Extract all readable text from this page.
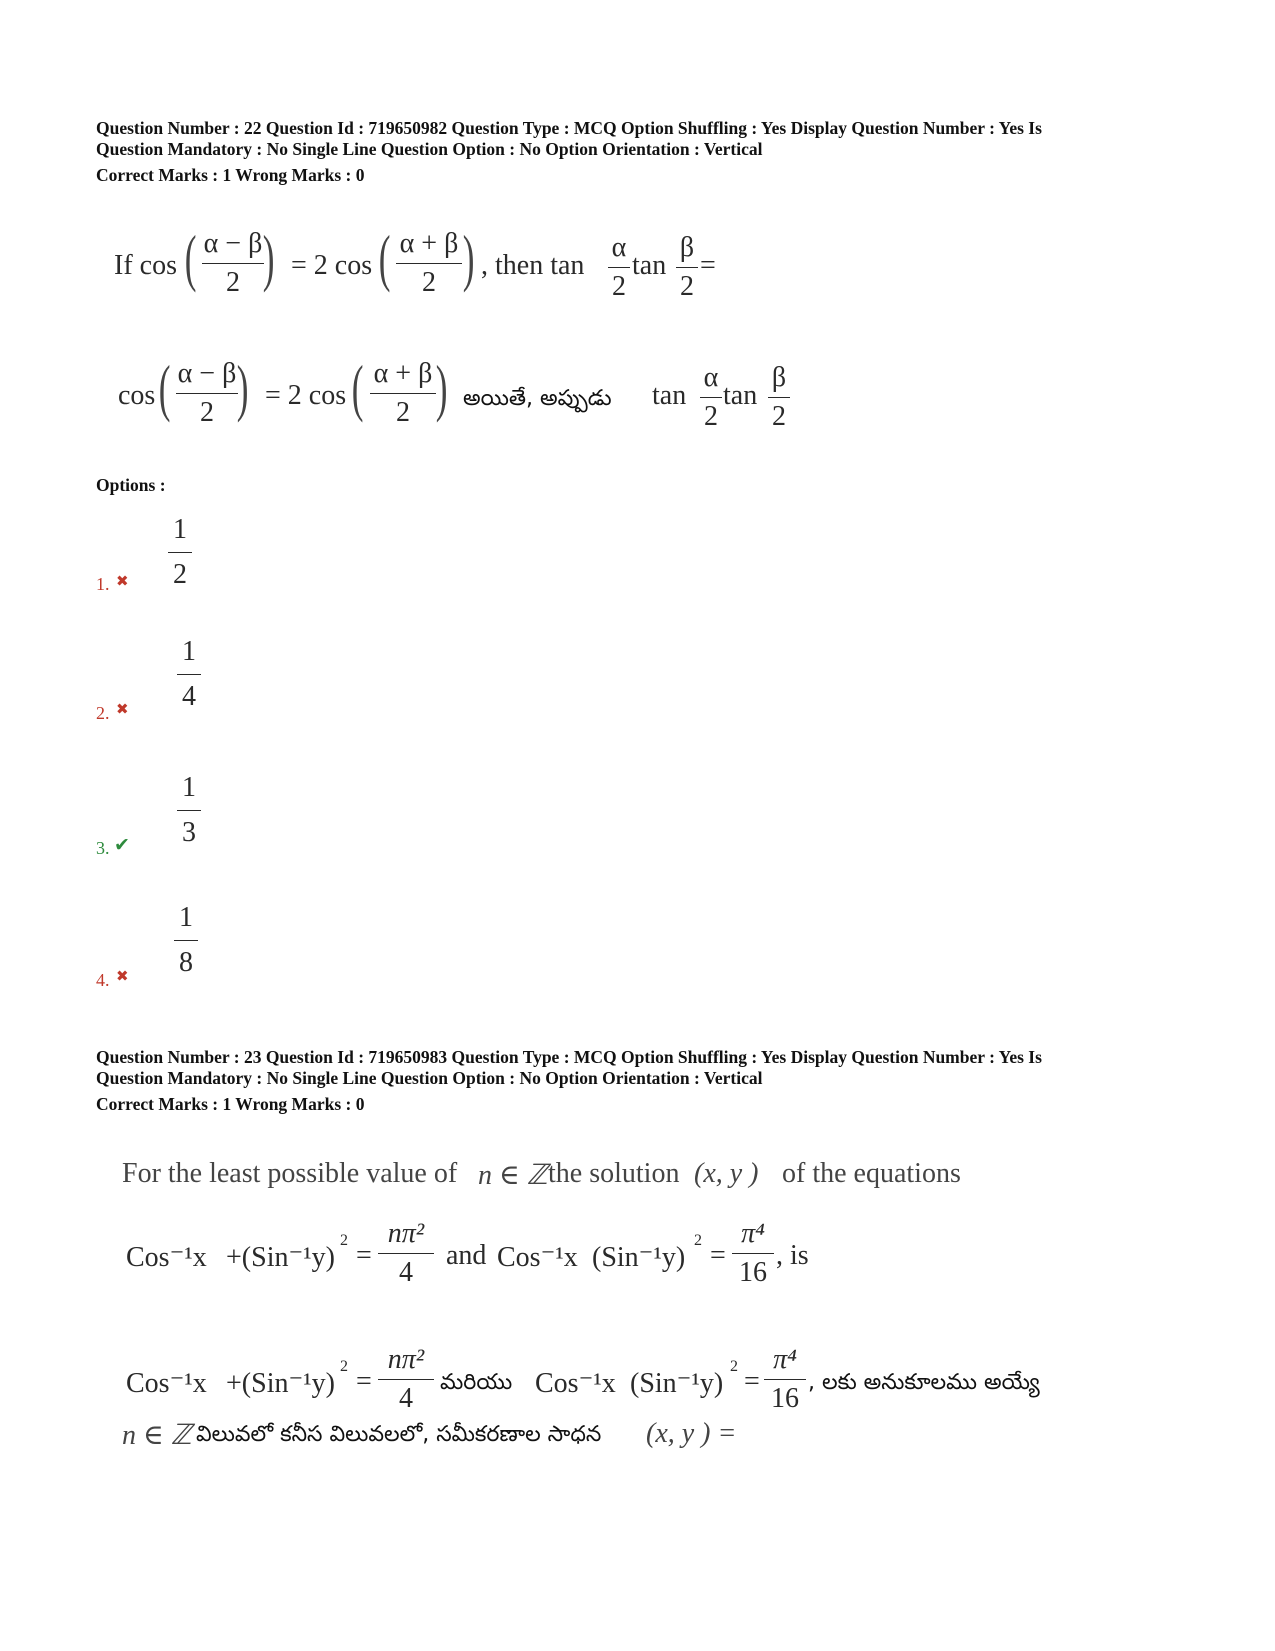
Question Number : 22 Question Id : 719650982 Question Type : MCQ Option Shuffling : Yes Display Question Number : Yes Is
Question Mandatory : No Single Line Question Option : No Option Orientation : Vertical
Correct Marks : 1 Wrong Marks : 0
If cos ( α − β
2 ) = 2 cos ( α + β
2 ) , then tan
α
2
tan
β
2
=
cos ( α − β
2 ) = 2 cos ( α + β
2 ) అయితే, అప్పుడు tan
α
2
tan
β
2
Options :
1
2
1. ✖
1
4
2. ✖
1
3
3. ✔
1
8
4. ✖
Question Number : 23 Question Id : 719650983 Question Type : MCQ Option Shuffling : Yes Display Question Number : Yes Is
Question Mandatory : No Single Line Question Option : No Option Orientation : Vertical
Correct Marks : 1 Wrong Marks : 0
For the least possible value of n ∈ ℤ the solution (x, y ) of the equations
Cos⁻¹x +(Sin⁻¹y)
2 =
nπ²
4
and Cos⁻¹x (Sin⁻¹y)
2 =
π⁴
16
, is
Cos⁻¹x +(Sin⁻¹y)
2 =
nπ²
4
మరియు Cos⁻¹x (Sin⁻¹y)
2 =
π⁴
16
, లకు అనుకూలము అయ్యే
n ∈ ℤ విలువలో కనీస విలువలలో, సమీకరణాల సాధన (x, y ) =
